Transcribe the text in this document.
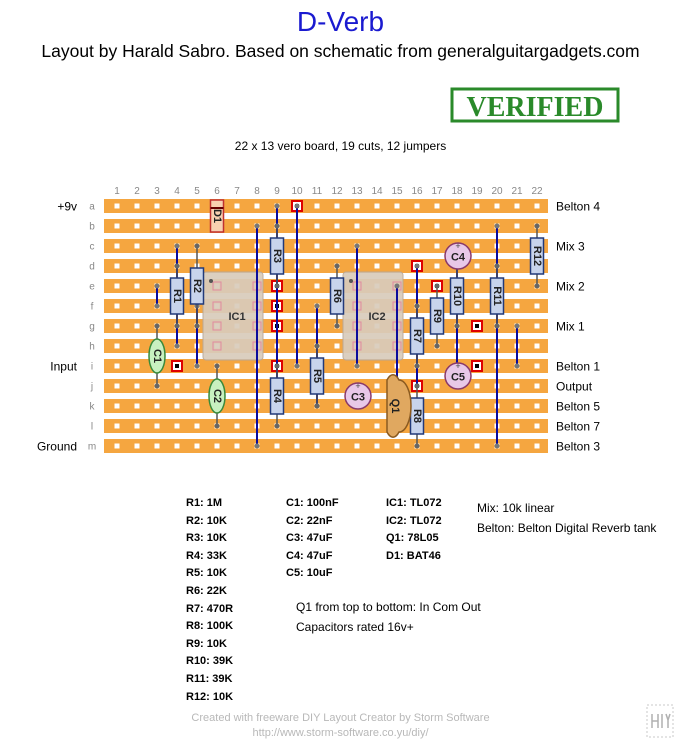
D-Verb
Layout by Harald Sabro. Based on schematic from generalguitargadgets.com
VERIFIED
22 x 13 vero board, 19 cuts, 12 jumpers
1 2 3 4 5 6 7 8 9 10 11 12 13 14 15 16 17 18 19 20 21 22
a
b
c
d
e
f
g
h
i
j
k
l
m
IC1	IC2
R1
R2
R3
R4
R5
R6
R7
R8
R9
R10	R11
R12
C1
C2
D1
+
C3
+
C4
+
C5
Q1
+9v
Input
Ground
Belton 4
Mix 3
Mix 2
Mix 1
Belton 1
Output
Belton 5
Belton 7
Belton 3
R1: 1M
R2: 10K
R3: 10K
R4: 33K
R5: 10K
R6: 22K
R7: 470R
R8: 100K
R9: 10K
R10: 39K
R11: 39K
R12: 10K
C1: 100nF
C2: 22nF
C3: 47uF
C4: 47uF
C5: 10uF
IC1: TL072
IC2: TL072
Q1: 78L05
D1: BAT46
Mix: 10k linear
Belton: Belton Digital Reverb tank
Q1 from top to bottom: In Com Out
Capacitors rated 16v+
Created with freeware DIY Layout Creator by Storm Software
http://www.storm-software.co.yu/diy/
